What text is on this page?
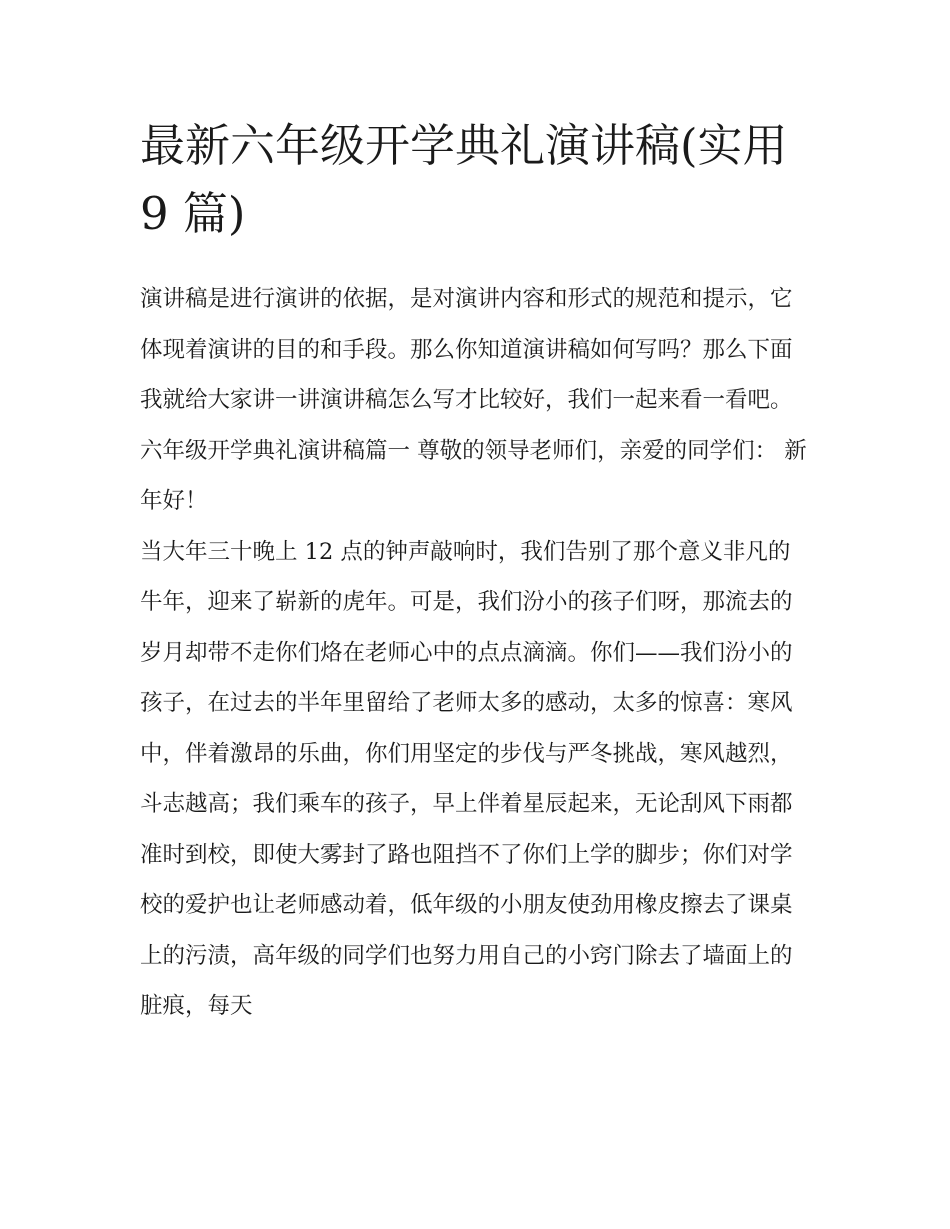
最新六年级开学典礼演讲稿(实用 9 篇)

演讲稿是进行演讲的依据，是对演讲内容和形式的规范和提示，它体现着演讲的目的和手段。那么你知道演讲稿如何写吗？那么下面我就给大家讲一讲演讲稿怎么写才比较好，我们一起来看一看吧。

六年级开学典礼演讲稿篇一 尊敬的领导老师们，亲爱的同学们： 新年好！

当大年三十晚上 12 点的钟声敲响时，我们告别了那个意义非凡的牛年，迎来了崭新的虎年。可是，我们汾小的孩子们呀，那流去的岁月却带不走你们烙在老师心中的点点滴滴。你们——我们汾小的孩子，在过去的半年里留给了老师太多的感动，太多的惊喜：寒风中，伴着激昂的乐曲，你们用坚定的步伐与严冬挑战，寒风越烈，斗志越高；我们乘车的孩子，早上伴着星辰起来，无论刮风下雨都准时到校，即使大雾封了路也阻挡不了你们上学的脚步；你们对学校的爱护也让老师感动着，低年级的小朋友使劲用橡皮擦去了课桌上的污渍，高年级的同学们也努力用自己的小窍门除去了墙面上的脏痕，每天
